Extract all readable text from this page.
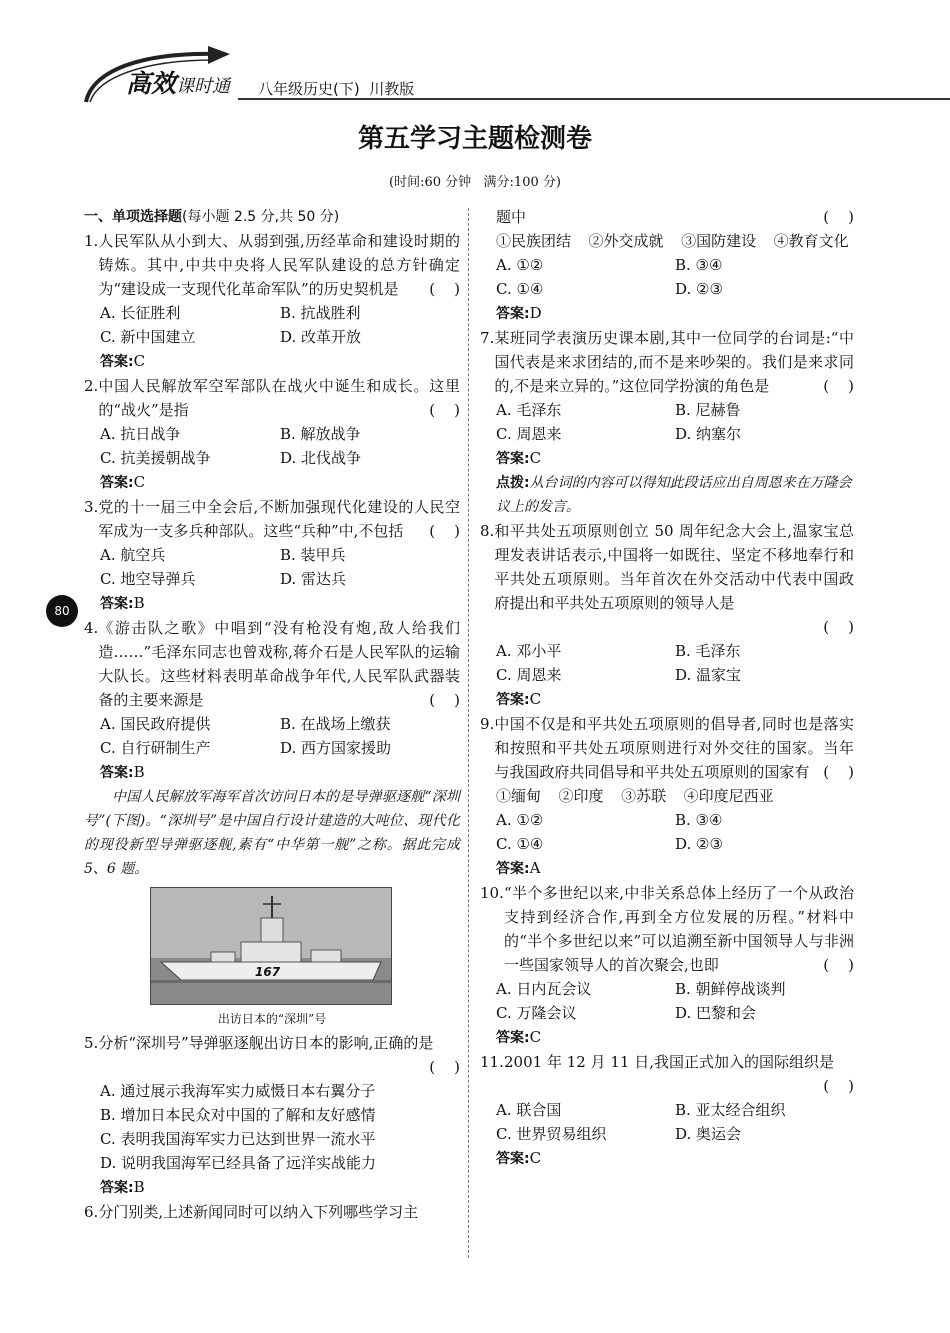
高效课时通 八年级历史(下)  川教版
第五学习主题检测卷
(时间:60 分钟   满分:100 分)
80
一、单项选择题(每小题 2.5 分,共 50 分)
1. 人民军队从小到大、从弱到强,历经革命和建设时期的铸炼。其中,中共中央将人民军队建设的总方针确定为“建设成一支现代化革命军队”的历史契机是 (    )
A. 长征胜利	B. 抗战胜利
C. 新中国建立	D. 改革开放
答案:C
2. 中国人民解放军空军部队在战火中诞生和成长。这里的“战火”是指	(    )
A. 抗日战争	B. 解放战争
C. 抗美援朝战争	D. 北伐战争
答案:C
3. 党的十一届三中全会后,不断加强现代化建设的人民空军成为一支多兵种部队。这些“兵种”中,不包括 (    )
A. 航空兵	B. 装甲兵
C. 地空导弹兵	D. 雷达兵
答案:B
4. 《游击队之歌》中唱到“没有枪没有炮,敌人给我们造……”毛泽东同志也曾戏称,蒋介石是人民军队的运输大队长。这些材料表明革命战争年代,人民军队武器装备的主要来源是	(    )
A. 国民政府提供	B. 在战场上缴获
C. 自行研制生产	D. 西方国家援助
答案:B

中国人民解放军海军首次访问日本的是导弹驱逐舰“深圳号”(下图)。“深圳号”是中国自行设计建造的大吨位、现代化的现役新型导弹驱逐舰,素有“中华第一舰”之称。据此完成 5、6 题。

167
出访日本的“深圳”号
5. 分析“深圳号”导弹驱逐舰出访日本的影响,正确的是
(    )
A. 通过展示我海军实力威慑日本右翼分子
B. 增加日本民众对中国的了解和友好感情
C. 表明我国海军实力已达到世界一流水平
D. 说明我国海军已经具备了远洋实战能力
答案:B
6. 分门别类,上述新闻同时可以纳入下列哪些学习主
题中	(    )
①民族团结  ②外交成就  ③国防建设  ④教育文化
A. ①②	B. ③④
C. ①④	D. ②③
答案:D
7. 某班同学表演历史课本剧,其中一位同学的台词是:“中国代表是来求团结的,而不是来吵架的。我们是来求同的,不是来立异的。”这位同学扮演的角色是	(    )
A. 毛泽东	B. 尼赫鲁
C. 周恩来	D. 纳塞尔
答案:C
点拨:从台词的内容可以得知此段话应出自周恩来在万隆会议上的发言。
8. 和平共处五项原则创立 50 周年纪念大会上,温家宝总理发表讲话表示,中国将一如既往、坚定不移地奉行和平共处五项原则。当年首次在外交活动中代表中国政府提出和平共处五项原则的领导人是

(    )
A. 邓小平	B. 毛泽东
C. 周恩来	D. 温家宝
答案:C
9. 中国不仅是和平共处五项原则的倡导者,同时也是落实和按照和平共处五项原则进行对外交往的国家。当年与我国政府共同倡导和平共处五项原则的国家有 (    )
①缅甸  ②印度  ③苏联  ④印度尼西亚
A. ①②	B. ③④
C. ①④	D. ②③
答案:A
10. “半个多世纪以来,中非关系总体上经历了一个从政治支持到经济合作,再到全方位发展的历程。”材料中的“半个多世纪以来”可以追溯至新中国领导人与非洲一些国家领导人的首次聚会,也即	(    )
A. 日内瓦会议	B. 朝鲜停战谈判
C. 万隆会议	D. 巴黎和会
答案:C
11. 2001 年 12 月 11 日,我国正式加入的国际组织是

(    )
A. 联合国	B. 亚太经合组织
C. 世界贸易组织	D. 奥运会
答案:C
